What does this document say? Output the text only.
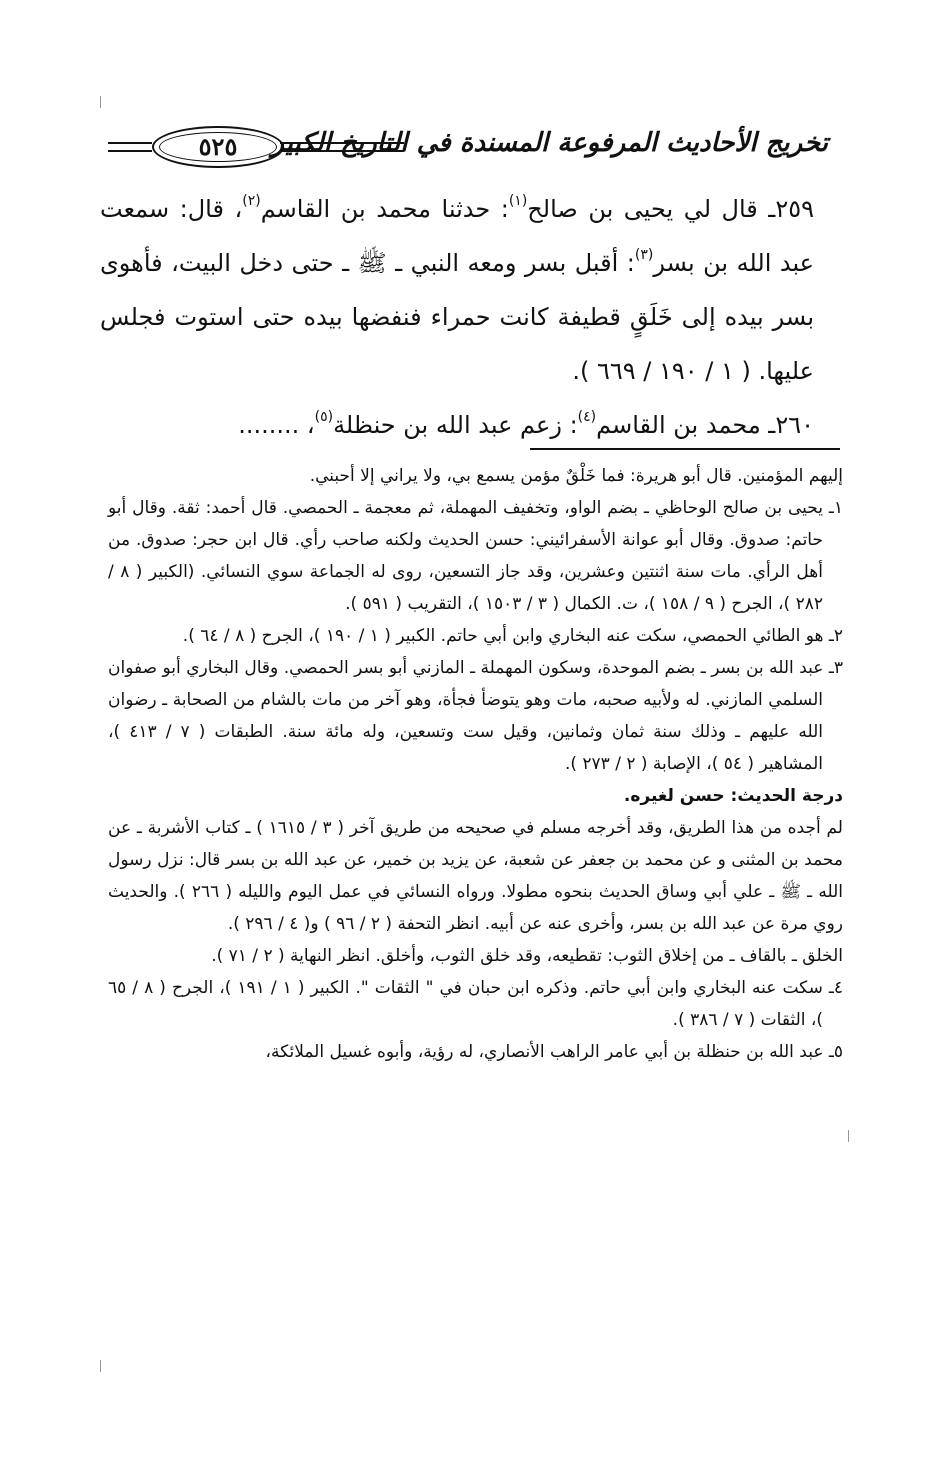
٥٢٥ تخريج الأحاديث المرفوعة المسندة في التاريخ الكبير

٢٥٩ـ قال لي يحيى بن صالح$^{(١)}$: حدثنا محمد بن القاسم$^{(٢)}$، قال: سمعت عبد الله بن بسر$^{(٣)}$: أقبل بسر ومعه النبي ـ ﷺ ـ حتى دخل البيت، فأهوى بسر بيده إلى خَلَقٍ قطيفة كانت حمراء فنفضها بيده حتى استوت فجلس عليها. ( ١ / ١٩٠ / ٦٦٩ ).

٢٦٠ـ محمد بن القاسم$^{(٤)}$: زعم عبد الله بن حنظلة$^{(٥)}$، ........

إليهم المؤمنين. قال أبو هريرة: فما خَلْقٌ مؤمن يسمع بي، ولا يراني إلا أحبني.

١ـ يحيى بن صالح الوحاظي ـ بضم الواو، وتخفيف المهملة، ثم معجمة ـ الحمصي. قال أحمد: ثقة. وقال أبو حاتم: صدوق. وقال أبو عوانة الأسفرائيني: حسن الحديث ولكنه صاحب رأي. قال ابن حجر: صدوق. من أهل الرأي. مات سنة اثنتين وعشرين، وقد جاز التسعين، روى له الجماعة سوي النسائي. (الكبير ( ٨ / ٢٨٢ )، الجرح ( ٩ / ١٥٨ )، ت. الكمال ( ٣ / ١٥٠٣ )، التقريب ( ٥٩١ ).

٢ـ هو الطائي الحمصي، سكت عنه البخاري وابن أبي حاتم. الكبير ( ١ / ١٩٠ )، الجرح ( ٨ / ٦٤ ).

٣ـ عبد الله بن بسر ـ بضم الموحدة، وسكون المهملة ـ المازني أبو بسر الحمصي. وقال البخاري أبو صفوان السلمي المازني. له ولأبيه صحبه، مات وهو يتوضأ فجأة، وهو آخر من مات بالشام من الصحابة ـ رضوان الله عليهم ـ وذلك سنة ثمان وثمانين، وقيل ست وتسعين، وله مائة سنة. الطبقات ( ٧ / ٤١٣ )، المشاهير ( ٥٤ )، الإصابة ( ٢ / ٢٧٣ ).

درجة الحديث: حسن لغيره.

لم أجده من هذا الطريق، وقد أخرجه مسلم في صحيحه من طريق آخر ( ٣ / ١٦١٥ ) ـ كتاب الأشربة ـ عن محمد بن المثنى و عن محمد بن جعفر عن شعبة، عن يزيد بن خمير، عن عبد الله بن بسر قال: نزل رسول الله ـ ﷺ ـ علي أبي وساق الحديث بنحوه مطولا. ورواه النسائي في عمل اليوم والليله ( ٢٦٦ ). والحديث روي مرة عن عبد الله بن بسر، وأخرى عنه عن أبيه. انظر التحفة ( ٢ / ٩٦ ) و( ٤ / ٢٩٦ ).

الخلق ـ بالقاف ـ من إخلاق الثوب: تقطيعه، وقد خلق الثوب، وأخلق. انظر النهاية ( ٢ / ٧١ ).

٤ـ سكت عنه البخاري وابن أبي حاتم. وذكره ابن حبان في " الثقات ". الكبير ( ١ / ١٩١ )، الجرح ( ٨ / ٦٥ )، الثقات ( ٧ / ٣٨٦ ).

٥ـ عبد الله بن حنظلة بن أبي عامر الراهب الأنصاري، له رؤية، وأبوه غسيل الملائكة،
